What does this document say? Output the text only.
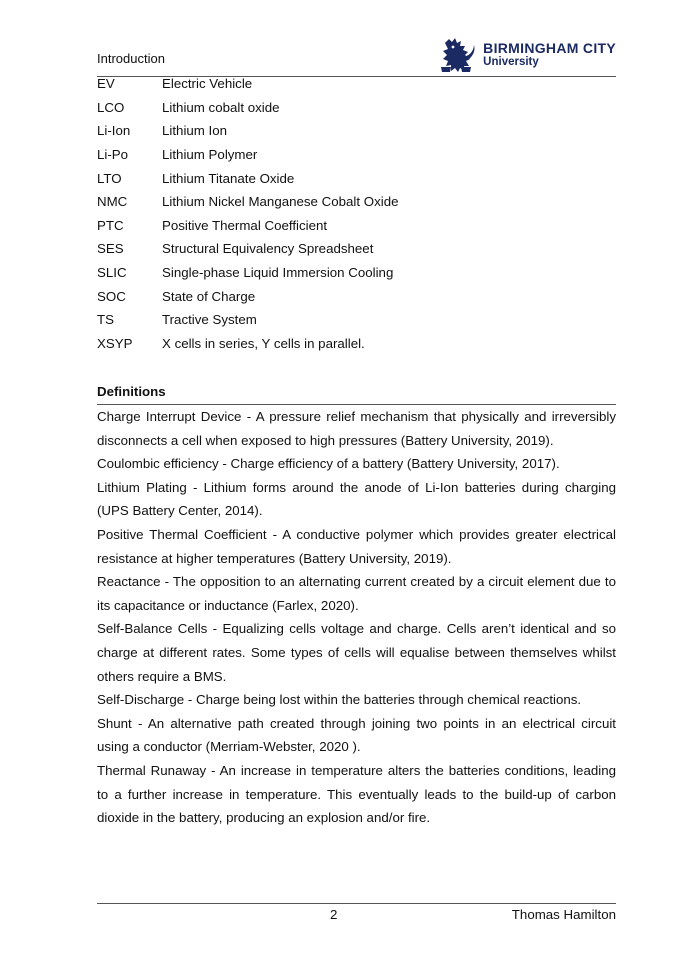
Introduction
BIRMINGHAM CITY
University
EV	Electric Vehicle
LCO	Lithium cobalt oxide
Li-Ion	Lithium Ion
Li-Po	Lithium Polymer
LTO	Lithium Titanate Oxide
NMC	Lithium Nickel Manganese Cobalt Oxide
PTC	Positive Thermal Coefficient
SES	Structural Equivalency Spreadsheet
SLIC	Single-phase Liquid Immersion Cooling
SOC	State of Charge
TS	Tractive System
XSYP	X cells in series, Y cells in parallel.
Definitions

Charge Interrupt Device - A pressure relief mechanism that physically and irreversibly disconnects a cell when exposed to high pressures (Battery University, 2019).

Coulombic efficiency - Charge efficiency of a battery (Battery University, 2017).

Lithium Plating - Lithium forms around the anode of Li-Ion batteries during charging (UPS Battery Center, 2014).

Positive Thermal Coefficient - A conductive polymer which provides greater electrical resistance at higher temperatures (Battery University, 2019).

Reactance - The opposition to an alternating current created by a circuit element due to its capacitance or inductance (Farlex, 2020).

Self-Balance Cells - Equalizing cells voltage and charge. Cells aren’t identical and so charge at different rates. Some types of cells will equalise between themselves whilst others require a BMS.

Self-Discharge - Charge being lost within the batteries through chemical reactions.

Shunt - An alternative path created through joining two points in an electrical circuit using a conductor (Merriam-Webster, 2020 ).

Thermal Runaway - An increase in temperature alters the batteries conditions, leading to a further increase in temperature. This eventually leads to the build-up of carbon dioxide in the battery, producing an explosion and/or fire.

2	Thomas Hamilton
